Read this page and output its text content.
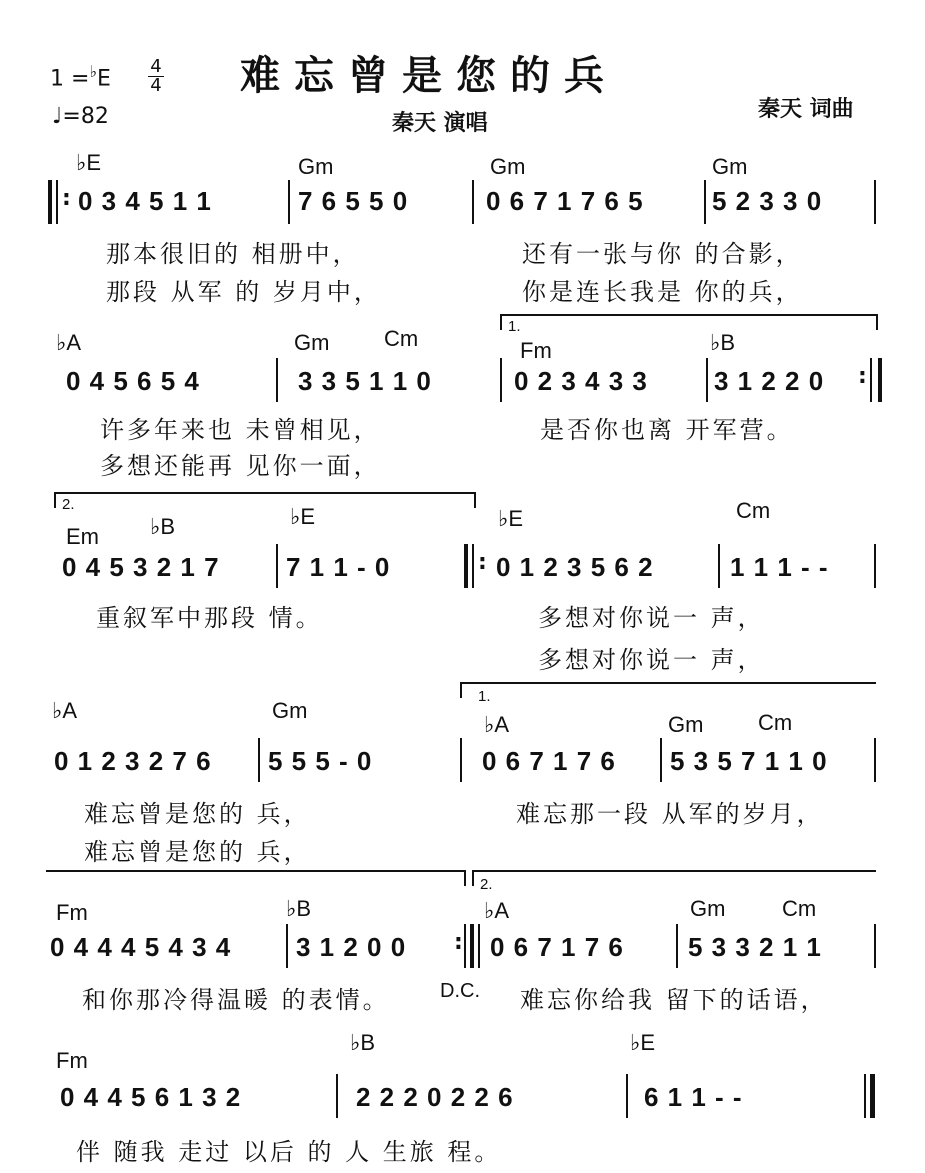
1 =♭E 4
4
♩=82
难忘曾是您的兵
秦天 演唱
秦天 词曲
♭E	Gm	Gm	Gm
: 0 3 4 5 1 1	7 6 5 5 0	0 6 7 1 7 6 5	5 2 3 3 0
那本很旧的 相册中，	还有一张与你 的合影，
那段 从军 的 岁月中，	你是连长我是 你的兵，
1.
♭A	Gm Cm	Fm	♭B
0 4 5 6 5 4	3 3 5 1 1 0	0 2 3 4 3 3	3 1 2 2 0 :
许多年来也 未曾相见，	是否你也离 开军营。
多想还能再 见你一面，
2.
Em ♭B	♭E	♭E	Cm
0 4 5 3 2 1 7	7 1 1 - 0	: 0 1 2 3 5 6 2	1 1 1 - -
重叙军中那段 情。	多想对你说一 声，
多想对你说一 声，
1.
♭A	Gm
♭A	Gm Cm
0 1 2 3 2 7 6 5 5 5 - 0	0 6 7 1 7 6 5 3 5 7 1 1 0
难忘曾是您的 兵，	难忘那一段 从军的岁月，
难忘曾是您的 兵，
2.
Fm	♭B	♭A	Gm	Cm
0 4 4 4 5 4 3 4 3 1 2 0 0 : 0 6 7 1 7 6 5 3 3 2 1 1
和你那冷得温暖 的表情。	D.C. 难忘你给我 留下的话语，
Fm
♭B	♭E
0 4 4 5 6 1 3 2	2 2 2 0 2 2 6	6 1 1 - -
伴 随我 走过 以后 的 人 生旅 程。
